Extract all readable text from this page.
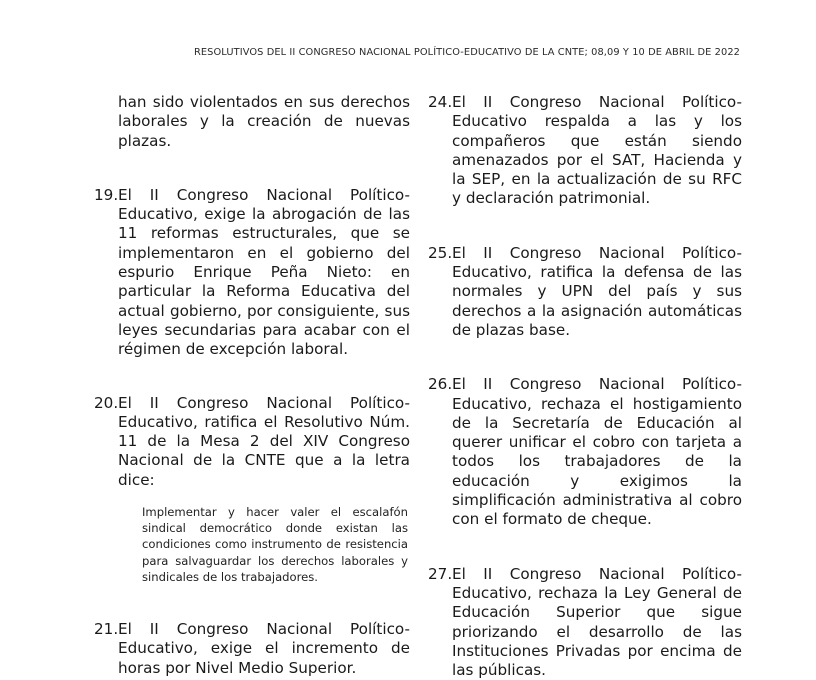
RESOLUTIVOS DEL II CONGRESO NACIONAL POLÍTICO-EDUCATIVO DE LA CNTE; 08,09 Y 10 DE ABRIL DE 2022

han sido violentados en sus derechos laborales y la creación de nuevas plazas.

19. El II Congreso Nacional Político-Educativo, exige la abrogación de las 11 reformas estructurales, que se implementaron en el gobierno del espurio Enrique Peña Nieto: en particular la Reforma Educativa del actual gobierno, por consiguiente, sus leyes secundarias para acabar con el régimen de excepción laboral.

20. El II Congreso Nacional Político-Educativo, ratifica el Resolutivo Núm. 11 de la Mesa 2 del XIV Congreso Nacional de la CNTE que a la letra dice:

Implementar y hacer valer el escalafón sindical democrático donde existan las condiciones como instrumento de resistencia para salvaguardar los derechos laborales y sindicales de los trabajadores.

21. El II Congreso Nacional Político-Educativo, exige el incremento de horas por Nivel Medio Superior.

24. El II Congreso Nacional Político-Educativo respalda a las y los compañeros que están siendo amenazados por el SAT, Hacienda y la SEP, en la actualización de su RFC y declaración patrimonial.

25. El II Congreso Nacional Político-Educativo, ratifica la defensa de las normales y UPN del país y sus derechos a la asignación automáticas de plazas base.

26. El II Congreso Nacional Político-Educativo, rechaza el hostigamiento de la Secretaría de Educación al querer unificar el cobro con tarjeta a todos los trabajadores de la educación y exigimos la simplificación administrativa al cobro con el formato de cheque.

27. El II Congreso Nacional Político-Educativo, rechaza la Ley General de Educación Superior que sigue priorizando el desarrollo de las Instituciones Privadas por encima de las públicas.
